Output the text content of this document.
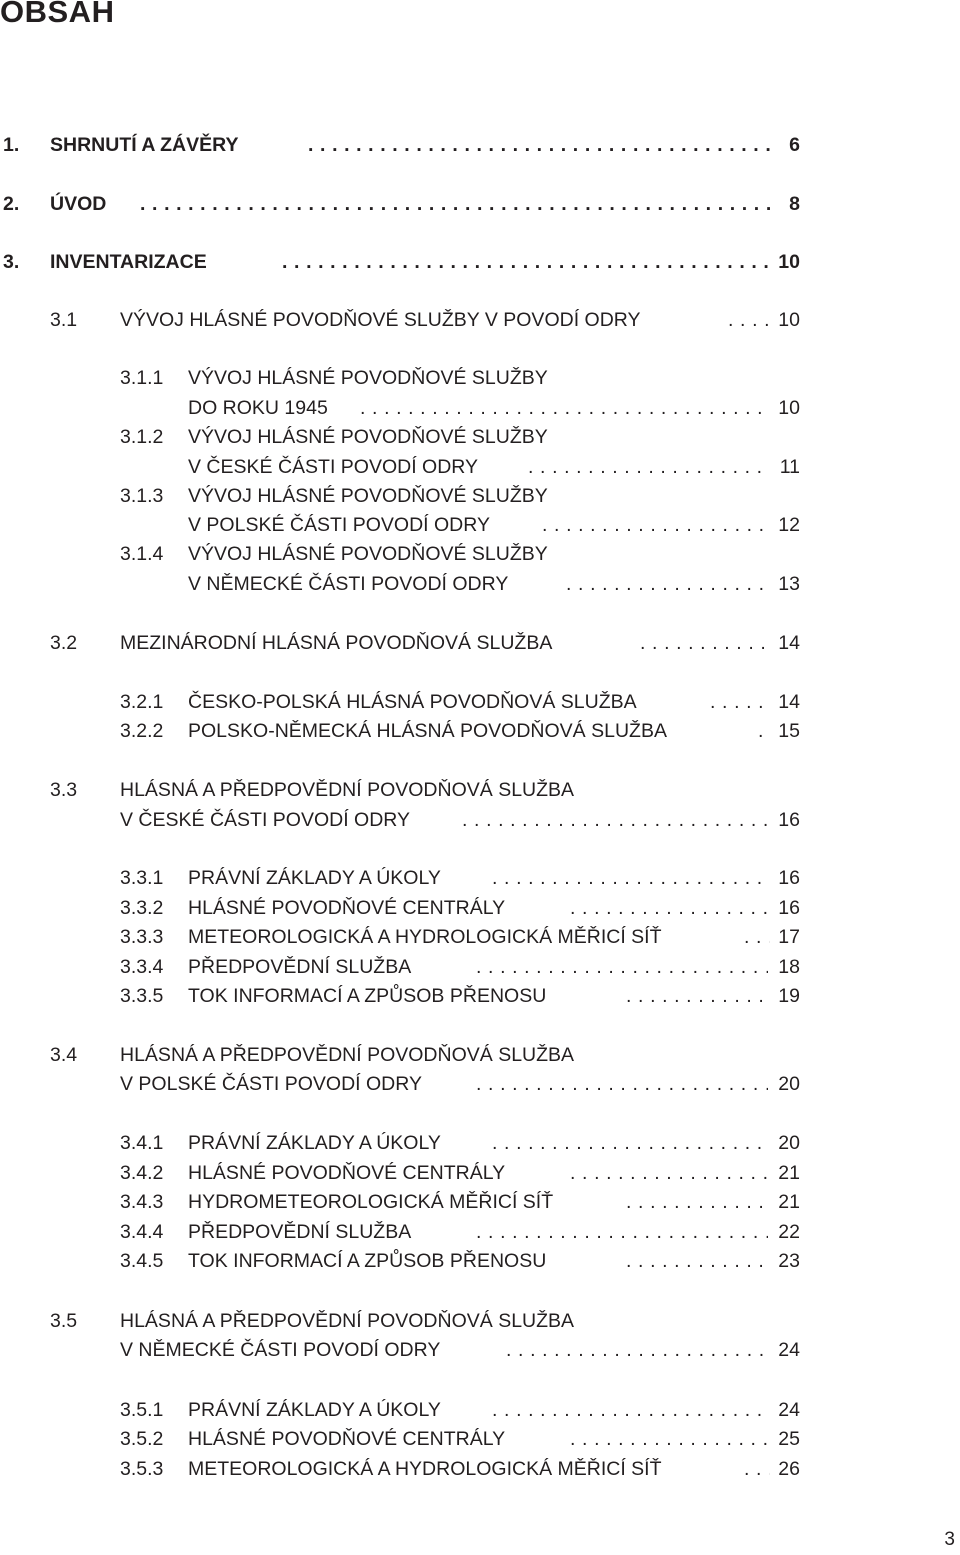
OBSAH
1. SHRNUTÍ A ZÁVĚRY . . .	6
2. ÚVOD . . .	8
3. INVENTARIZACE . . .	10
3.1 VÝVOJ HLÁSNÉ POVODŇOVÉ SLUŽBY V POVODÍ ODRY . . .	10
3.1.1 VÝVOJ HLÁSNÉ POVODŇOVÉ SLUŽBY
DO ROKU 1945 . . .	10
3.1.2 VÝVOJ HLÁSNÉ POVODŇOVÉ SLUŽBY
V ČESKÉ ČÁSTI POVODÍ ODRY . . .	11
3.1.3 VÝVOJ HLÁSNÉ POVODŇOVÉ SLUŽBY
V POLSKÉ ČÁSTI POVODÍ ODRY . . .	12
3.1.4 VÝVOJ HLÁSNÉ POVODŇOVÉ SLUŽBY
V NĚMECKÉ ČÁSTI POVODÍ ODRY . . .	13
3.2 MEZINÁRODNÍ HLÁSNÁ POVODŇOVÁ SLUŽBA . . .	14
3.2.1 ČESKO-POLSKÁ HLÁSNÁ POVODŇOVÁ SLUŽBA . . .	14
3.2.2 POLSKO-NĚMECKÁ HLÁSNÁ POVODŇOVÁ SLUŽBA . . .	15
3.3 HLÁSNÁ A PŘEDPOVĚDNÍ POVODŇOVÁ SLUŽBA
V ČESKÉ ČÁSTI POVODÍ ODRY . . .	16
3.3.1 PRÁVNÍ ZÁKLADY A ÚKOLY . . .	16
3.3.2 HLÁSNÉ POVODŇOVÉ CENTRÁLY . . .	16
3.3.3 METEOROLOGICKÁ A HYDROLOGICKÁ MĚŘICÍ SÍŤ . . .	17
3.3.4 PŘEDPOVĚDNÍ SLUŽBA . . .	18
3.3.5 TOK INFORMACÍ A ZPŮSOB PŘENOSU . . .	19
3.4 HLÁSNÁ A PŘEDPOVĚDNÍ POVODŇOVÁ SLUŽBA
V POLSKÉ ČÁSTI POVODÍ ODRY . . .	20
3.4.1 PRÁVNÍ ZÁKLADY A ÚKOLY . . .	20
3.4.2 HLÁSNÉ POVODŇOVÉ CENTRÁLY . . .	21
3.4.3 HYDROMETEOROLOGICKÁ MĚŘICÍ SÍŤ . . .	21
3.4.4 PŘEDPOVĚDNÍ SLUŽBA . . .	22
3.4.5 TOK INFORMACÍ A ZPŮSOB PŘENOSU . . .	23
3.5 HLÁSNÁ A PŘEDPOVĚDNÍ POVODŇOVÁ SLUŽBA
V NĚMECKÉ ČÁSTI POVODÍ ODRY . . .	24
3.5.1 PRÁVNÍ ZÁKLADY A ÚKOLY . . .	24
3.5.2 HLÁSNÉ POVODŇOVÉ CENTRÁLY . . .	25
3.5.3 METEOROLOGICKÁ A HYDROLOGICKÁ MĚŘICÍ SÍŤ . . .	26
3
